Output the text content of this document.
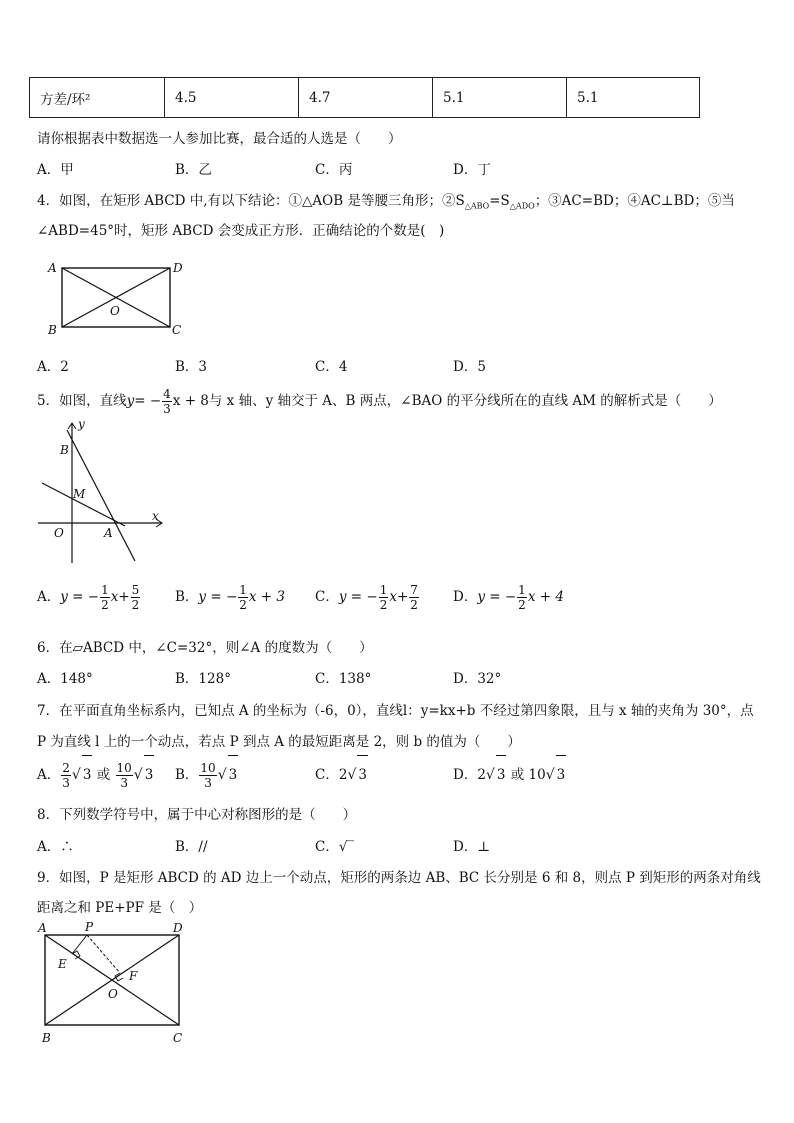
方差/环²	4.5	4.7	5.1	5.1
请你根据表中数据选一人参加比赛，最合适的人选是（　　）
A．甲	B．乙	C．丙	D．丁
4．如图，在矩形 ABCD 中,有以下结论：①△AOB 是等腰三角形；$②S_{\triangle ABO}=S_{\triangle ADO}$；③AC=BD；④AC⊥BD；⑤当
∠ABD=45°时，矩形 ABCD 会变成正方形．正确结论的个数是(　)
A	D
B	C
O
A．2	B．3	C．4	D．5
5．如图，直线$y= - \frac{4}{3}$ x + 8与 x 轴、y 轴交于 A、B 两点，∠BAO 的平分线所在的直线 AM 的解析式是（　　）
y
B
M
O	A
x
A．y = − $\frac{1}{2} x+ \frac{5}{2}$	B．y = − $\frac{1}{2}$ x + 3 C．y = − $\frac{1}{2} x+ \frac{7}{2}$	D．y = − $\frac{1}{2}$ x + 4
6．在▱ABCD 中，∠C=32°，则∠A 的度数为（　　）
A．148°	B．128°	C．138°	D．32°
7．在平面直角坐标系内，已知点 A 的坐标为（-6，0），直线l：y=kx+b 不经过第四象限，且与 x 轴的夹角为 30°，点
P 为直线 l 上的一个动点，若点 P 到点 A 的最短距离是 2，则 b 的值为（　　）
A． $\frac{2}{3}$ √ 3 或 $\frac{10}{3}$ √ 3 B． $\frac{10}{3}$ √ 3	C．2√ 3	D．2√ 3 或 10√ 3
8．下列数学符号中，属于中心对称图形的是（　　）
A．∴	B．//	C．√‾	D．⊥
9．如图，P 是矩形 ABCD 的 AD 边上一个动点，矩形的两条边 AB、BC 长分别是 6 和 8，则点 P 到矩形的两条对角线
距离之和 PE+PF 是（　）
A	P	D
E
F
O
B	C
